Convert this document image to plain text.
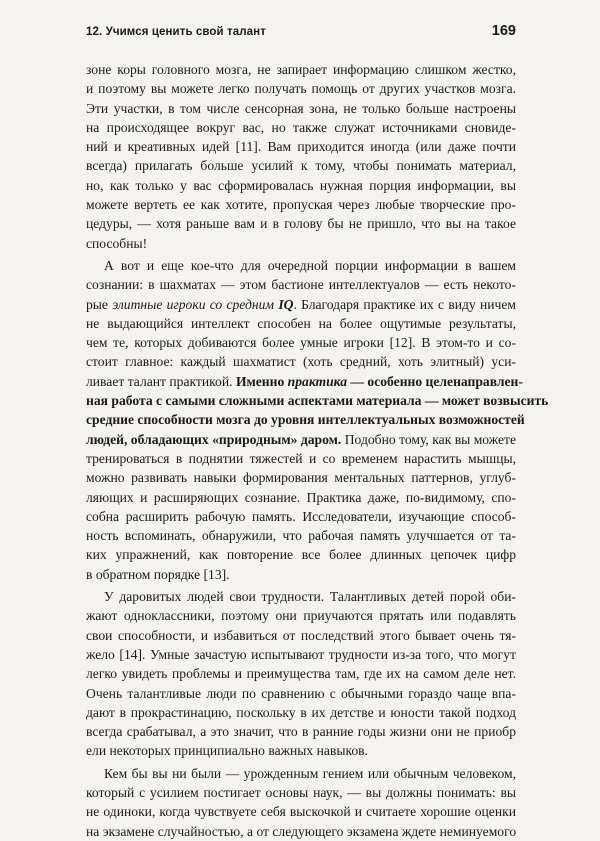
12. Учимся ценить свой талант	169
зоне коры головного мозга, не запирает информацию слишком жестко,
и поэтому вы можете легко получать помощь от других участков мозга.
Эти участки, в том числе сенсорная зона, не только больше настроены
на происходящее вокруг вас, но также служат источниками сновиде-
ний и креативных идей [11]. Вам приходится иногда (или даже почти
всегда) прилагать больше усилий к тому, чтобы понимать материал,
но, как только у вас сформировалась нужная порция информации, вы
можете вертеть ее как хотите, пропуская через любые творческие про-
цедуры, — хотя раньше вам и в голову бы не пришло, что вы на такое
способны!
А вот и еще кое-что для очередной порции информации в вашем
сознании: в шахматах — этом бастионе интеллектуалов — есть некото-
рые элитные игроки со средним IQ. Благодаря практике их с виду ничем
не выдающийся интеллект способен на более ощутимые результаты,
чем те, которых добиваются более умные игроки [12]. В этом-то и со-
стоит главное: каждый шахматист (хоть средний, хоть элитный) уси-
ливает талант практикой. Именно практика — особенно целенаправлен-
ная работа с самыми сложными аспектами материала — может возвысить
средние способности мозга до уровня интеллектуальных возможностей
людей, обладающих «природным» даром. Подобно тому, как вы можете
тренироваться в поднятии тяжестей и со временем нарастить мышцы,
можно развивать навыки формирования ментальных паттернов, углуб-
ляющих и расширяющих сознание. Практика даже, по-видимому, спо-
собна расширить рабочую память. Исследователи, изучающие способ-
ность вспоминать, обнаружили, что рабочая память улучшается от та-
ких упражнений, как повторение все более длинных цепочек цифр
в обратном порядке [13].
У даровитых людей свои трудности. Талантливых детей порой оби-
жают одноклассники, поэтому они приучаются прятать или подавлять
свои способности, и избавиться от последствий этого бывает очень тя-
жело [14]. Умные зачастую испытывают трудности из-за того, что могут
легко увидеть проблемы и преимущества там, где их на самом деле нет.
Очень талантливые люди по сравнению с обычными гораздо чаще впа-
дают в прокрастинацию, поскольку в их детстве и юности такой подход
всегда срабатывал, а это значит, что в ранние годы жизни они не приобр
ели некоторых принципиально важных навыков.
Кем бы вы ни были — урожденным гением или обычным человеком,
который с усилием постигает основы наук, — вы должны понимать: вы
не одиноки, когда чувствуете себя выскочкой и считаете хорошие оценки
на экзамене случайностью, а от следующего экзамена ждете неминуемого
